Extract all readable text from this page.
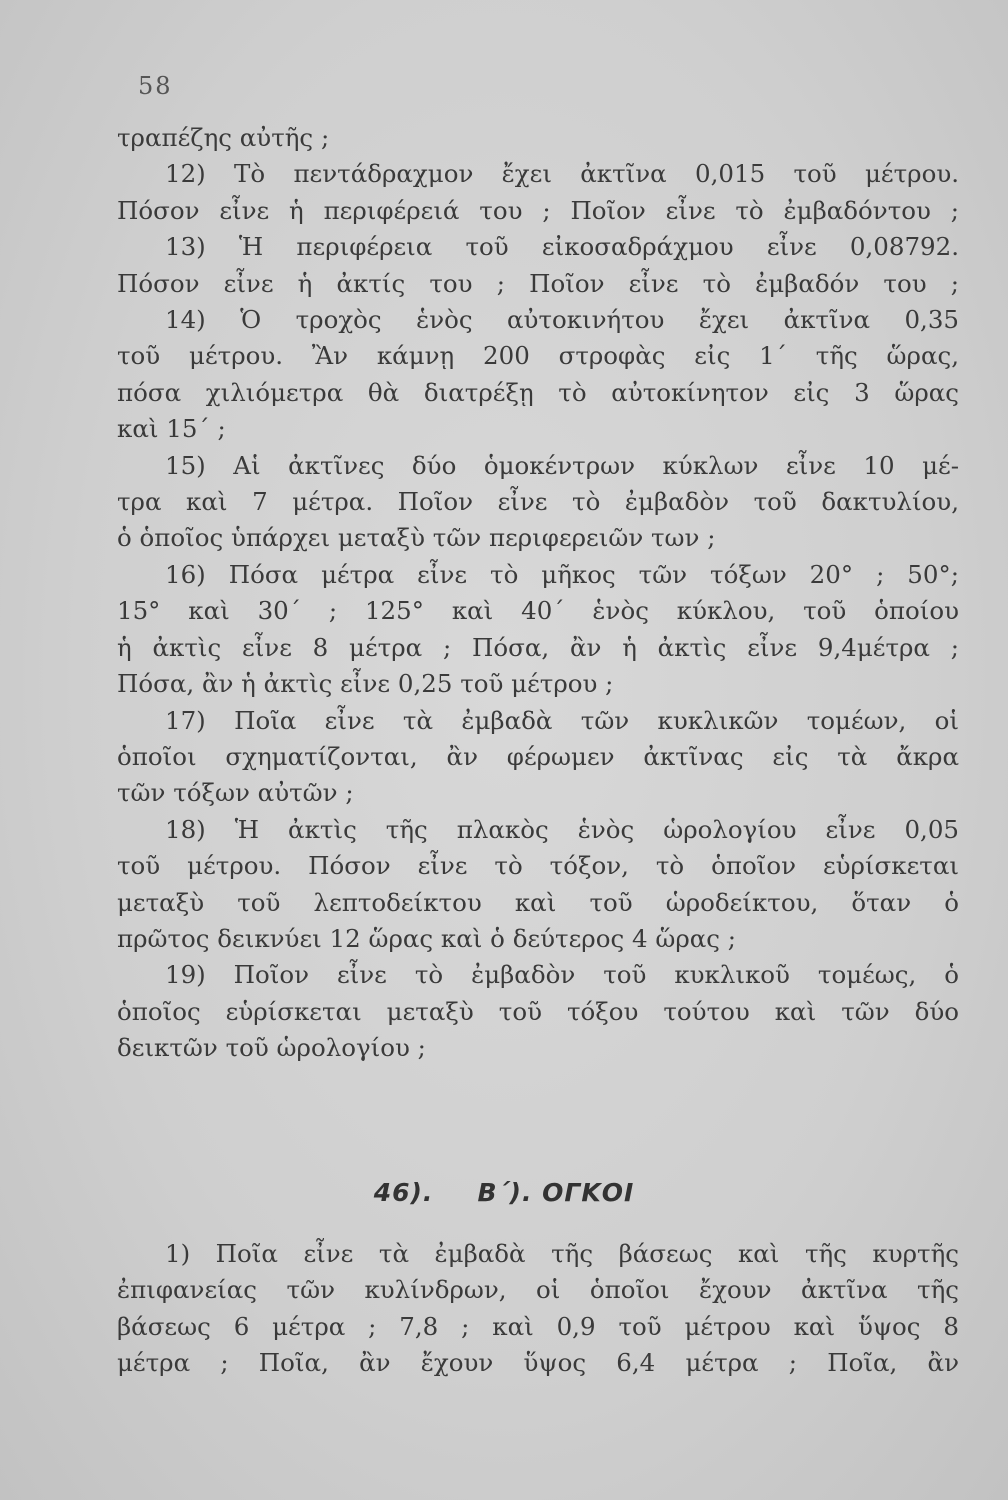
58
τραπέζης αὐτῆς ;
12) Τὸ πεντάδραχμον ἔχει ἀκτῖνα 0,015 τοῦ μέτρου.
Πόσον εἶνε ἡ περιφέρειά του ; Ποῖον εἶνε τὸ ἐμβαδόντου ;
13) Ἡ περιφέρεια τοῦ εἰκοσαδράχμου εἶνε 0,08792.
Πόσον εἶνε ἡ ἀκτίς του ; Ποῖον εἶνε τὸ ἐμβαδόν του ;
14) Ὁ τροχὸς ἑνὸς αὐτοκινήτου ἔχει ἀκτῖνα 0,35
τοῦ μέτρου. Ἂν κάμνῃ 200 στροφὰς εἰς 1΄ τῆς ὥρας,
πόσα χιλιόμετρα θὰ διατρέξῃ τὸ αὐτοκίνητον εἰς 3 ὥρας
καὶ 15΄ ;
15) Αἱ ἀκτῖνες δύο ὁμοκέντρων κύκλων εἶνε 10 μέ-
τρα καὶ 7 μέτρα. Ποῖον εἶνε τὸ ἐμβαδὸν τοῦ δακτυλίου,
ὁ ὁποῖος ὑπάρχει μεταξὺ τῶν περιφερειῶν των ;
16) Πόσα μέτρα εἶνε τὸ μῆκος τῶν τόξων 20° ; 50°;
15° καὶ 30΄ ; 125° καὶ 40΄ ἑνὸς κύκλου, τοῦ ὁποίου
ἡ ἀκτὶς εἶνε 8 μέτρα ; Πόσα, ἂν ἡ ἀκτὶς εἶνε 9,4μέτρα ;
Πόσα, ἂν ἡ ἀκτὶς εἶνε 0,25 τοῦ μέτρου ;
17) Ποῖα εἶνε τὰ ἐμβαδὰ τῶν κυκλικῶν τομέων, οἱ
ὁποῖοι σχηματίζονται, ἂν φέρωμεν ἀκτῖνας εἰς τὰ ἄκρα
τῶν τόξων αὐτῶν ;
18) Ἡ ἀκτὶς τῆς πλακὸς ἑνὸς ὡρολογίου εἶνε 0,05
τοῦ μέτρου. Πόσον εἶνε τὸ τόξον, τὸ ὁποῖον εὑρίσκεται
μεταξὺ τοῦ λεπτοδείκτου καὶ τοῦ ὡροδείκτου, ὅταν ὁ
πρῶτος δεικνύει 12 ὥρας καὶ ὁ δεύτερος 4 ὥρας ;
19) Ποῖον εἶνε τὸ ἐμβαδὸν τοῦ κυκλικοῦ τομέως, ὁ
ὁποῖος εὑρίσκεται μεταξὺ τοῦ τόξου τούτου καὶ τῶν δύο
δεικτῶν τοῦ ὡρολογίου ;
46). Β΄). ΟΓΚΟΙ
1) Ποῖα εἶνε τὰ ἐμβαδὰ τῆς βάσεως καὶ τῆς κυρτῆς
ἐπιφανείας τῶν κυλίνδρων, οἱ ὁποῖοι ἔχουν ἀκτῖνα τῆς
βάσεως 6 μέτρα ; 7,8 ; καὶ 0,9 τοῦ μέτρου καὶ ὕψος 8
μέτρα ; Ποῖα, ἂν ἔχουν ὕψος 6,4 μέτρα ; Ποῖα, ἂν
